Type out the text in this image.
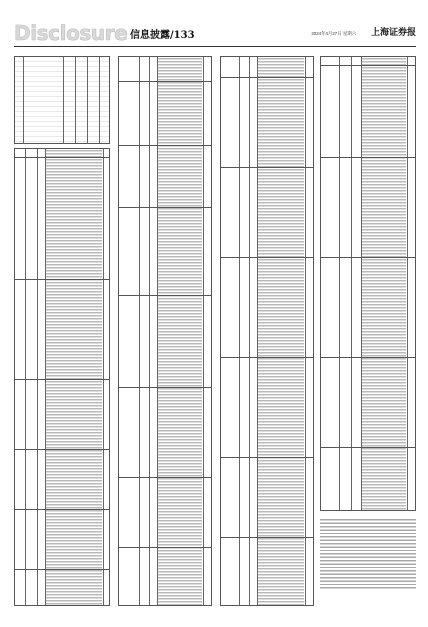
Disclosure 信息披露/133	2024年4月27日 星期六 上海证券报
